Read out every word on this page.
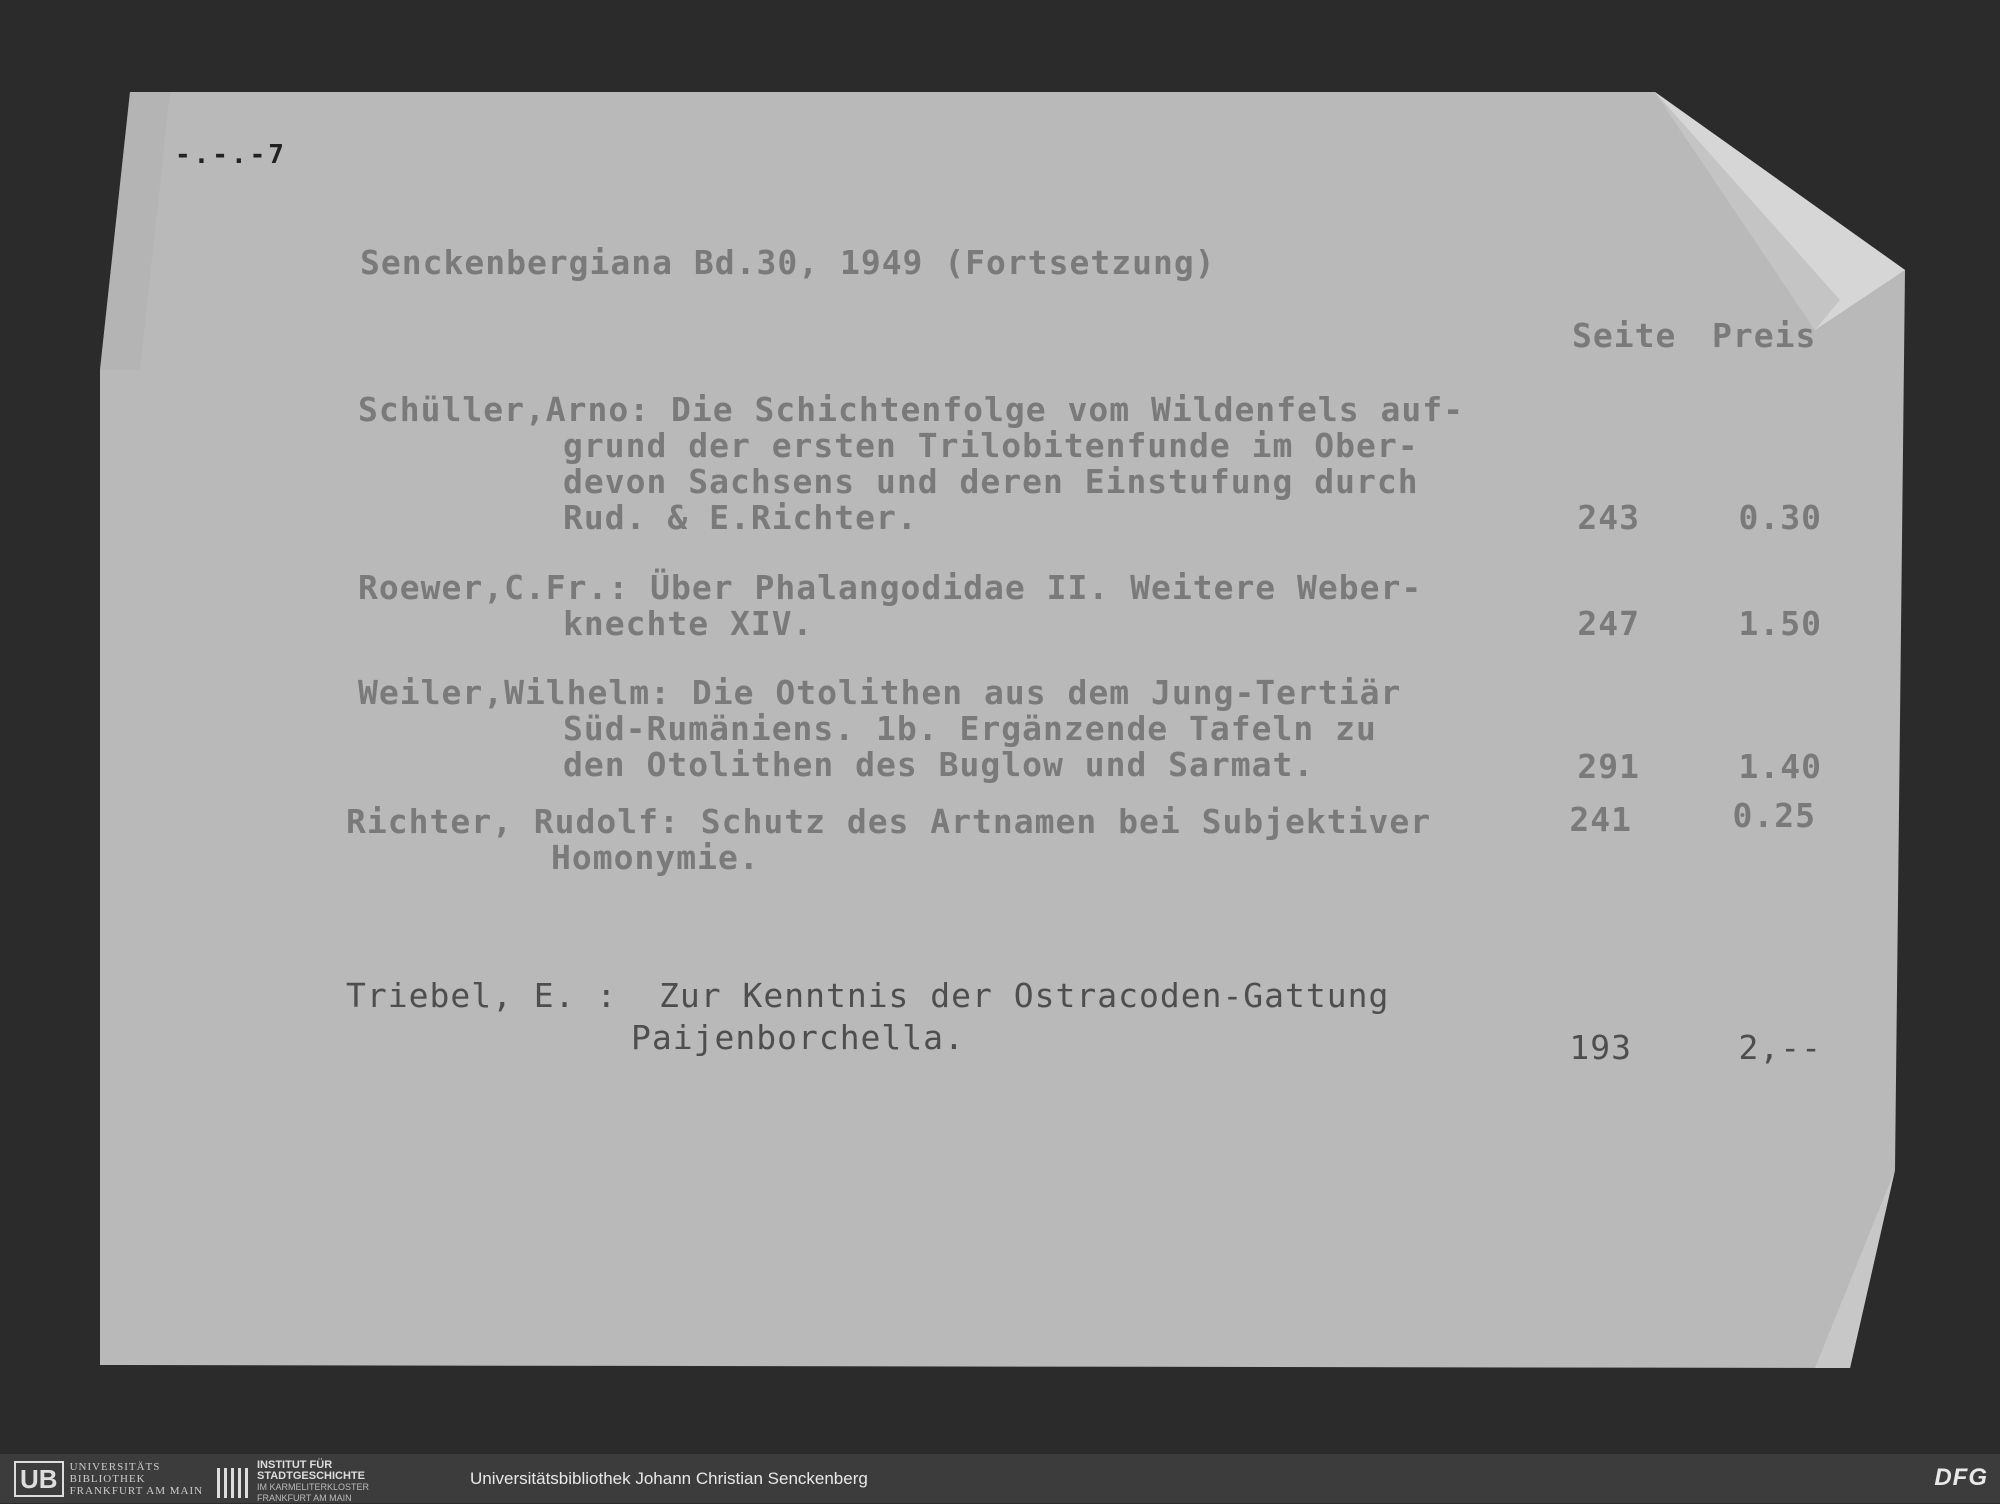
-.-.-7
Senckenbergiana Bd.30, 1949 (Fortsetzung)
Seite Preis
Schüller,Arno: Die Schichtenfolge vom Wildenfels auf-
grund der ersten Trilobitenfunde im Ober-
devon Sachsens und deren Einstufung durch
Rud. & E.Richter.	243	0.30
Roewer,C.Fr.: Über Phalangodidae II. Weitere Weber-
knechte XIV.	247	1.50
Weiler,Wilhelm: Die Otolithen aus dem Jung-Tertiär
Süd-Rumäniens. 1b. Ergänzende Tafeln zu
den Otolithen des Buglow und Sarmat.	291	1.40
Richter, Rudolf: Schutz des Artnamen bei Subjektiver
Homonymie.
241	0.25
Triebel, E. :  Zur Kenntnis der Ostracoden-Gattung
Paijenborchella.	193	2,--
UB	UNIVERSITÄTS
BIBLIOTHEK
FRANKFURT AM MAIN
INSTITUT FÜR
STADTGESCHICHTE
IM KARMELITERKLOSTER
FRANKFURT AM MAIN
Universitätsbibliothek Johann Christian Senckenberg	DFG
